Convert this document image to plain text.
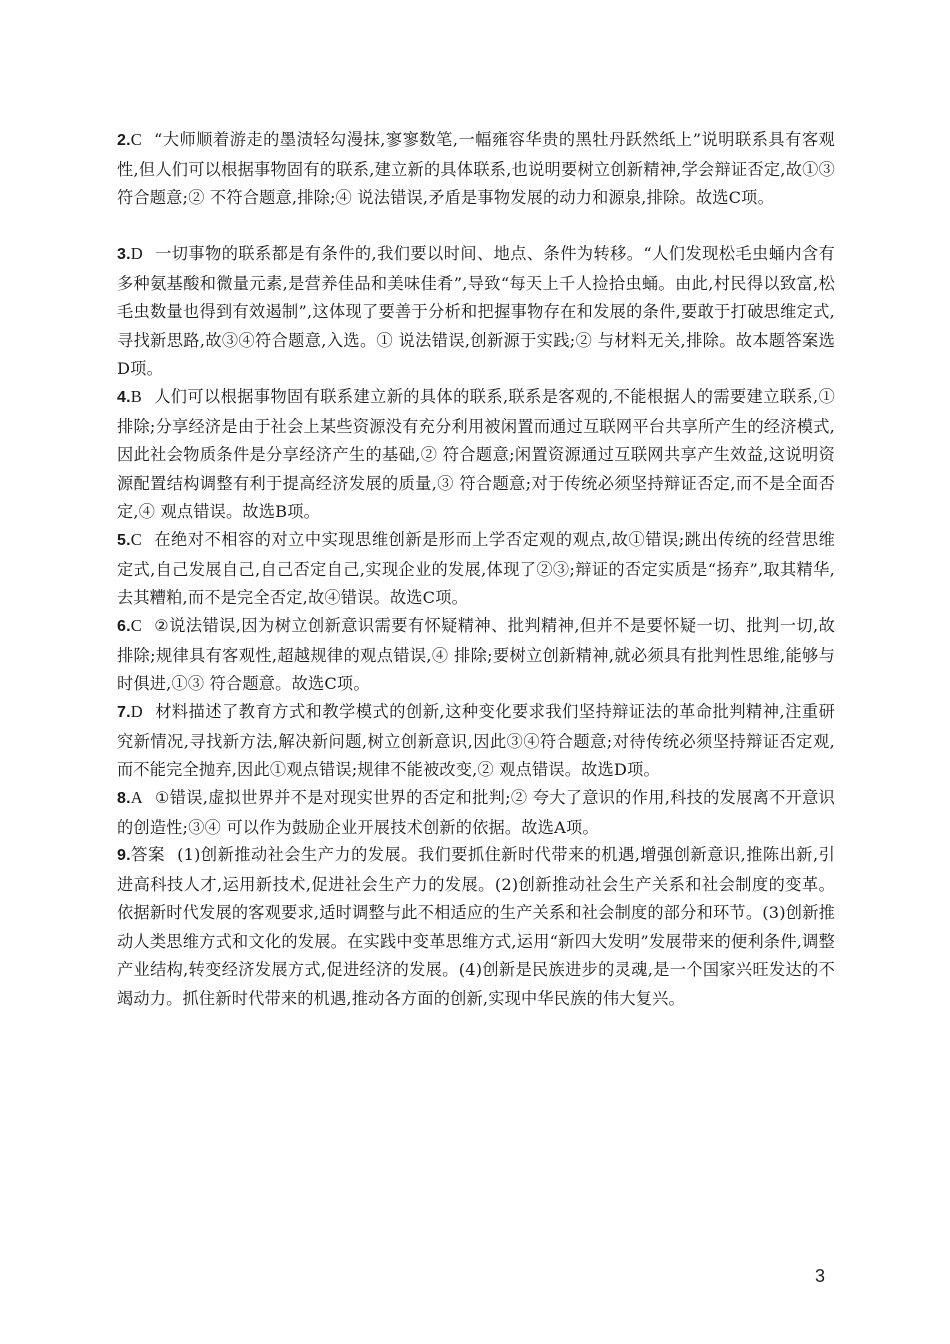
2.C “大师顺着游走的墨渍轻勾漫抹,寥寥数笔,一幅雍容华贵的黑牡丹跃然纸上”说明联系具有客观性,但人们可以根据事物固有的联系,建立新的具体联系,也说明要树立创新精神,学会辩证否定,故①③符合题意;② 不符合题意,排除;④ 说法错误,矛盾是事物发展的动力和源泉,排除。故选C项。

3.D 一切事物的联系都是有条件的,我们要以时间、地点、条件为转移。“人们发现松毛虫蛹内含有多种氨基酸和微量元素,是营养佳品和美味佳肴”,导致“每天上千人捡拾虫蛹。由此,村民得以致富,松毛虫数量也得到有效遏制”,这体现了要善于分析和把握事物存在和发展的条件,要敢于打破思维定式,寻找新思路,故③④符合题意,入选。① 说法错误,创新源于实践;② 与材料无关,排除。故本题答案选D项。

4.B 人们可以根据事物固有联系建立新的具体的联系,联系是客观的,不能根据人的需要建立联系,① 排除;分享经济是由于社会上某些资源没有充分利用被闲置而通过互联网平台共享所产生的经济模式,因此社会物质条件是分享经济产生的基础,② 符合题意;闲置资源通过互联网共享产生效益,这说明资源配置结构调整有利于提高经济发展的质量,③ 符合题意;对于传统必须坚持辩证否定,而不是全面否定,④ 观点错误。故选B项。

5.C 在绝对不相容的对立中实现思维创新是形而上学否定观的观点,故①错误;跳出传统的经营思维定式,自己发展自己,自己否定自己,实现企业的发展,体现了②③;辩证的否定实质是“扬弃”,取其精华,去其糟粕,而不是完全否定,故④错误。故选C项。

6.C ②说法错误,因为树立创新意识需要有怀疑精神、批判精神,但并不是要怀疑一切、批判一切,故排除;规律具有客观性,超越规律的观点错误,④ 排除;要树立创新精神,就必须具有批判性思维,能够与时俱进,①③ 符合题意。故选C项。

7.D 材料描述了教育方式和教学模式的创新,这种变化要求我们坚持辩证法的革命批判精神,注重研究新情况,寻找新方法,解决新问题,树立创新意识,因此③④符合题意;对待传统必须坚持辩证否定观,而不能完全抛弃,因此①观点错误;规律不能被改变,② 观点错误。故选D项。

8.A ①错误,虚拟世界并不是对现实世界的否定和批判;② 夸大了意识的作用,科技的发展离不开意识的创造性;③④ 可以作为鼓励企业开展技术创新的依据。故选A项。

9.答案 (1)创新推动社会生产力的发展。我们要抓住新时代带来的机遇,增强创新意识,推陈出新,引进高科技人才,运用新技术,促进社会生产力的发展。(2)创新推动社会生产关系和社会制度的变革。依据新时代发展的客观要求,适时调整与此不相适应的生产关系和社会制度的部分和环节。(3)创新推动人类思维方式和文化的发展。在实践中变革思维方式,运用“新四大发明”发展带来的便利条件,调整产业结构,转变经济发展方式,促进经济的发展。(4)创新是民族进步的灵魂,是一个国家兴旺发达的不竭动力。抓住新时代带来的机遇,推动各方面的创新,实现中华民族的伟大复兴。

3
